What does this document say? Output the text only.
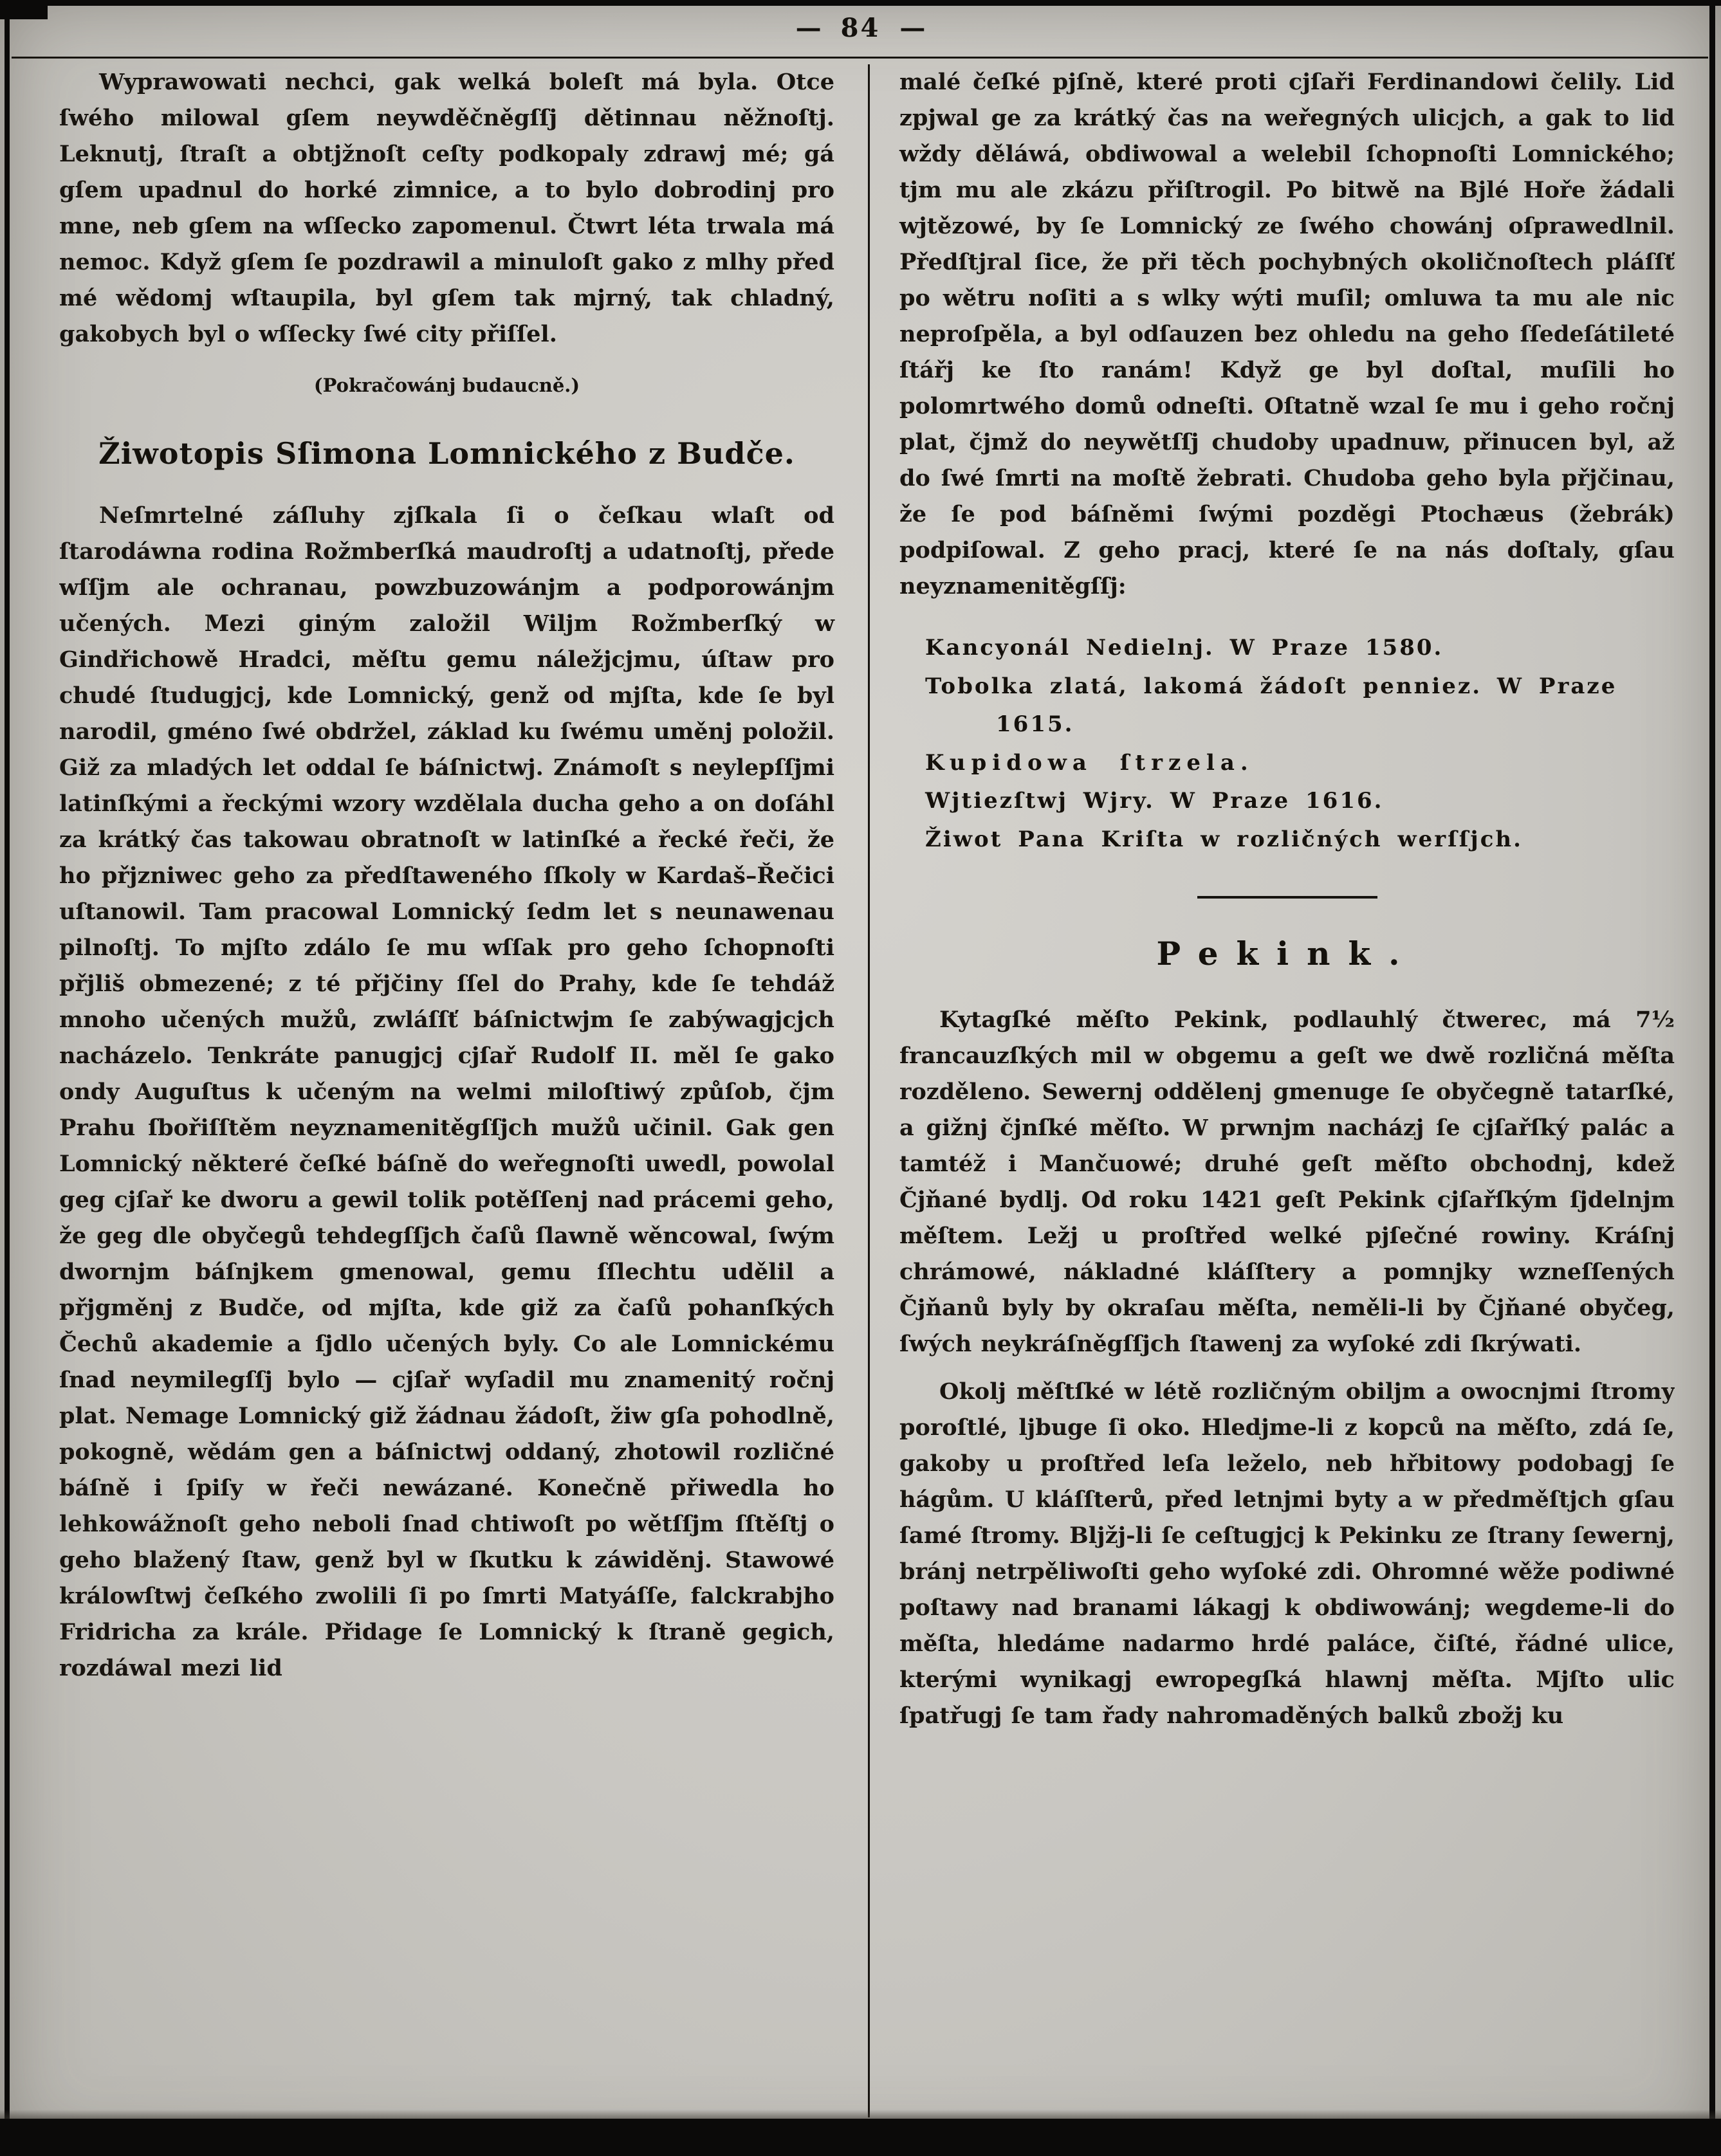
— 84 —

Wyprawowati nechci, gak welká boleſt má byla. Otce ſwého milowal gſem neywděčněgſſj dětinnau něžnoſtj. Leknutj, ſtraſt a obtjžnoſt ceſty podkopaly zdrawj mé; gá gſem upadnul do horké zimnice, a to bylo dobrodinj pro mne, neb gſem na wſſecko zapomenul. Čtwrt léta trwala má nemoc. Když gſem ſe pozdrawil a minuloſt gako z mlhy před mé wědomj wſtaupila, byl gſem tak mjrný, tak chladný, gakobych byl o wſſecky ſwé city přiſſel.

(Pokračowánj budaucně.)

Žiwotopis Sſimona Lomnického z Budče.

Neſmrtelné záſluhy zjſkala ſi o čeſkau wlaſt od ſtarodáwna rodina Rožmberſká maudroſtj a udatnoſtj, přede wſſjm ale ochranau, powzbuzowánjm a podporowánjm učených. Mezi giným založil Wiljm Rožmberſký w Gindřichowě Hradci, měſtu gemu náležjcjmu, úſtaw pro chudé ſtudugjcj, kde Lomnický, genž od mjſta, kde ſe byl narodil, gméno ſwé obdržel, základ ku ſwému uměnj položil. Giž za mladých let oddal ſe báſnictwj. Známoſt s neylepſſjmi latinſkými a řeckými wzory wzdělala ducha geho a on doſáhl za krátký čas takowau obratnoſt w latinſké a řecké řeči, že ho přjzniwec geho za předſtaweného ſſkoly w Kardaš–Řečici uſtanowil. Tam pracowal Lomnický ſedm let s neunawenau pilnoſtj. To mjſto zdálo ſe mu wſſak pro geho ſchopnoſti přjliš obmezené; z té přjčiny ſſel do Prahy, kde ſe tehdáž mnoho učených mužů, zwláſſť báſnictwjm ſe zabýwagjcjch nacházelo. Tenkráte panugjcj cjſař Rudolf II. měl ſe gako ondy Auguſtus k učeným na welmi miloſtiwý způſob, čjm Prahu ſbořiſſtěm neyznamenitěgſſjch mužů učinil. Gak gen Lomnický některé čeſké báſně do weřegnoſti uwedl, powolal geg cjſař ke dworu a gewil tolik potěſſenj nad prácemi geho, že geg dle obyčegů tehdegſſjch čaſů ſlawně wěncowal, ſwým dwornjm báſnjkem gmenowal, gemu ſſlechtu udělil a přjgměnj z Budče, od mjſta, kde giž za čaſů pohanſkých Čechů akademie a ſjdlo učených byly. Co ale Lomnickému ſnad neymilegſſj bylo — cjſař wyſadil mu znamenitý ročnj plat. Nemage Lomnický giž žádnau žádoſt, žiw gſa pohodlně, pokogně, wědám gen a báſnictwj oddaný, zhotowil rozličné báſně i ſpiſy w řeči newázané. Konečně přiwedla ho lehkowážnoſt geho neboli ſnad chtiwoſt po wětſſjm ſſtěſtj o geho blažený ſtaw, genž byl w ſkutku k záwiděnj. Stawowé králowſtwj čeſkého zwolili ſi po ſmrti Matyáſſe, falckrabjho Fridricha za krále. Přidage ſe Lomnický k ſtraně gegich, rozdáwal mezi lid

malé čeſké pjſně, které proti cjſaři Ferdinandowi čelily. Lid zpjwal ge za krátký čas na weřegných ulicjch, a gak to lid wždy děláwá, obdiwowal a welebil ſchopnoſti Lomnického; tjm mu ale zkázu přiſtrogil. Po bitwě na Bjlé Hoře žádali wjtězowé, by ſe Lomnický ze ſwého chowánj oſprawedlnil. Předſtjral ſice, že při těch pochybných okoličnoſtech pláſſť po wětru noſiti a s wlky wýti muſil; omluwa ta mu ale nic neproſpěla, a byl odſauzen bez ohledu na geho ſſedeſátileté ſtářj ke ſto ranám! Když ge byl doſtal, muſili ho polomrtwého domů odneſti. Oſtatně wzal ſe mu i geho ročnj plat, čjmž do neywětſſj chudoby upadnuw, přinucen byl, až do ſwé ſmrti na moſtě žebrati. Chudoba geho byla přjčinau, že ſe pod báſněmi ſwými pozděgi Ptochæus (žebrák) podpiſowal. Z geho pracj, které ſe na nás doſtaly, gſau neyznamenitěgſſj:

Kancyonál Nedielnj. W Praze 1580.
Tobolka zlatá, lakomá žádoſt penniez. W Praze 1615.
Kupidowa ſtrzela.
Wjtiezſtwj Wjry. W Praze 1616.
Žiwot Pana Kriſta w rozličných werſſjch.
Pekink.

Kytagſké měſto Pekink, podlauhlý čtwerec, má 7½ francauzſkých mil w obgemu a geſt we dwě rozličná měſta rozděleno. Sewernj oddělenj gmenuge ſe obyčegně tatarſké, a gižnj čjnſké měſto. W prwnjm nacházj ſe cjſařſký palác a tamtéž i Mančuowé; druhé geſt měſto obchodnj, kdež Čjňané bydlj. Od roku 1421 geſt Pekink cjſařſkým ſjdelnjm měſtem. Ležj u proſtřed welké pjſečné rowiny. Kráſnj chrámowé, nákladné kláſſtery a pomnjky wzneſſených Čjňanů byly by okraſau měſta, neměli-li by Čjňané obyčeg, ſwých neykráſněgſſjch ſtawenj za wyſoké zdi ſkrýwati.

Okolj měſtſké w létě rozličným obiljm a owocnjmi ſtromy poroſtlé, ljbuge ſi oko. Hledjme-li z kopců na měſto, zdá ſe, gakoby u proſtřed leſa leželo, neb hřbitowy podobagj ſe hágům. U kláſſterů, před letnjmi byty a w předměſtjch gſau ſamé ſtromy. Bljžj-li ſe ceſtugjcj k Pekinku ze ſtrany ſewernj, bránj netrpěliwoſti geho wyſoké zdi. Ohromné wěže podiwné poſtawy nad branami lákagj k obdiwowánj; wegdeme-li do měſta, hledáme nadarmo hrdé paláce, čiſté, řádné ulice, kterými wynikagj ewropegſká hlawnj měſta. Mjſto ulic ſpatřugj ſe tam řady nahromaděných balků zbožj ku
